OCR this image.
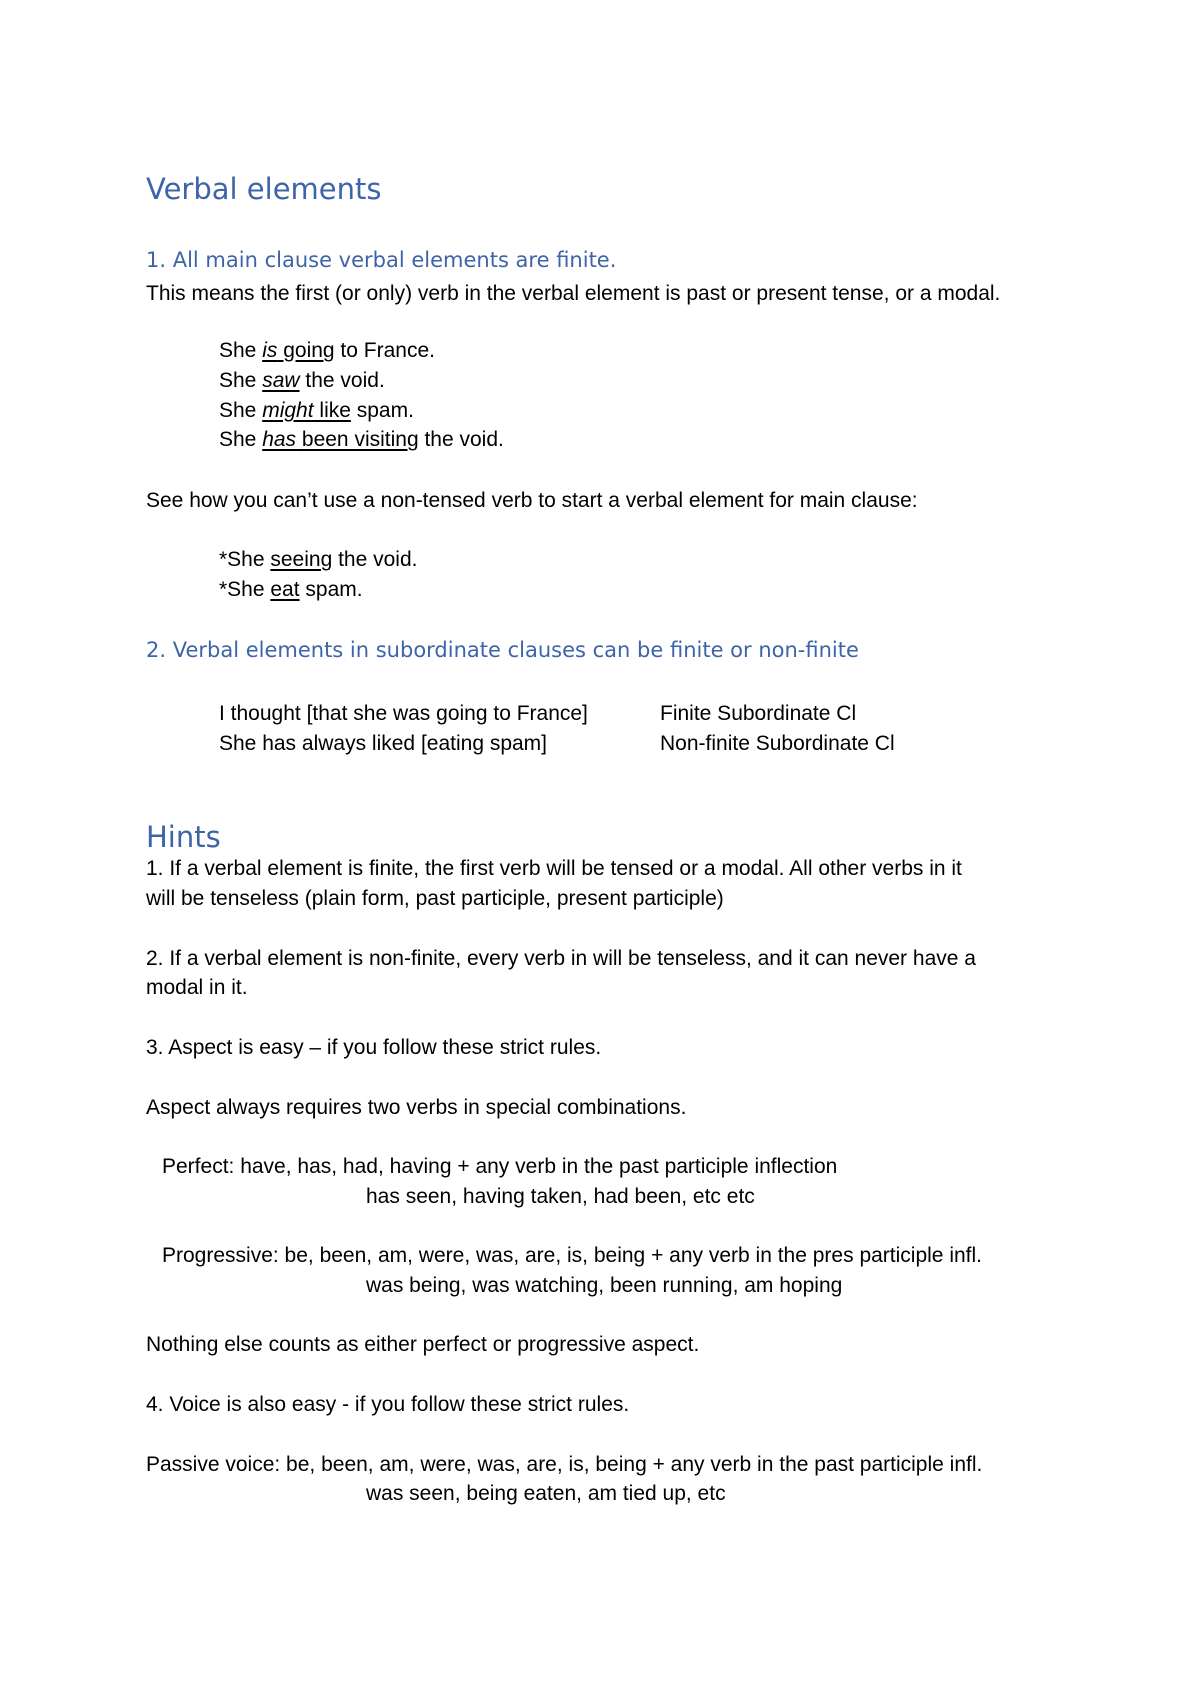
Verbal elements
1. All main clause verbal elements are finite.
This means the first (or only) verb in the verbal element is past or present tense, or a modal.
She is going to France.
She saw the void.
She might like spam.
She has been visiting the void.
See how you can’t use a non-tensed verb to start a verbal element for main clause:
*She seeing the void.
*She eat spam.
2. Verbal elements in subordinate clauses can be finite or non-finite
I thought [that she was going to France]	Finite Subordinate Cl
She has always liked [eating spam]	Non-finite Subordinate Cl
Hints
1. If a verbal element is finite, the first verb will be tensed or a modal. All other verbs in it
will be tenseless (plain form, past participle, present participle)
2. If a verbal element is non-finite, every verb in will be tenseless, and it can never have a
modal in it.
3. Aspect is easy – if you follow these strict rules.
Aspect always requires two verbs in special combinations.
Perfect: have, has, had, having + any verb in the past participle inflection
has seen, having taken, had been, etc etc
Progressive: be, been, am, were, was, are, is, being + any verb in the pres participle infl.
was being, was watching, been running, am hoping
Nothing else counts as either perfect or progressive aspect.
4. Voice is also easy - if you follow these strict rules.
Passive voice: be, been, am, were, was, are, is, being + any verb in the past participle infl.
was seen, being eaten, am tied up, etc
